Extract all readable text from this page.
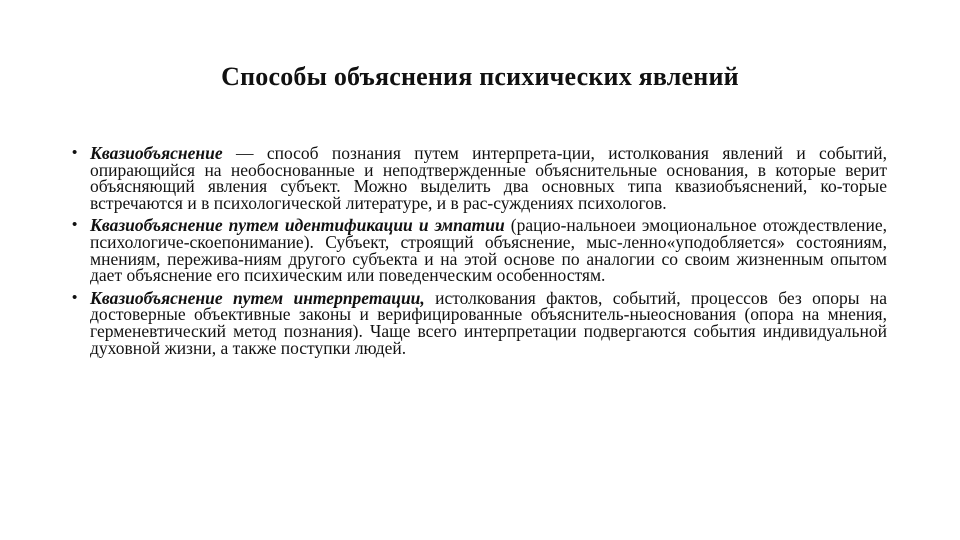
Способы объяснения психических явлений
• Квазиобъяснение — способ познания путем интерпрета-ции, истолкования явлений и событий, опирающийся на необоснованные и неподтвержденные объяснительные основания, в которые верит объясняющий явления субъект. Можно выделить два основных типа квазиобъяснений, ко-торые встречаются и в психологической литературе, и в рас-суждениях психологов.
• Квазиобъяснение путем идентификации и эмпатии (рацио-нальноеи эмоциональное отождествление, психологиче-скоепонимание). Субъект, строящий объяснение, мыс-ленно«уподобляется» состояниям, мнениям, пережива-ниям другого субъекта и на этой основе по аналогии со своим жизненным опытом дает объяснение его психическим или поведенческим особенностям.
• Квазиобъяснение путем интерпретации, истолкования фактов, событий, процессов без опоры на достоверные объективные законы и верифицированные объяснитель-ныеоснования (опора на мнения, герменевтический метод познания). Чаще всего интерпретации подвергаются события индивидуальной духовной жизни, а также поступки людей.
